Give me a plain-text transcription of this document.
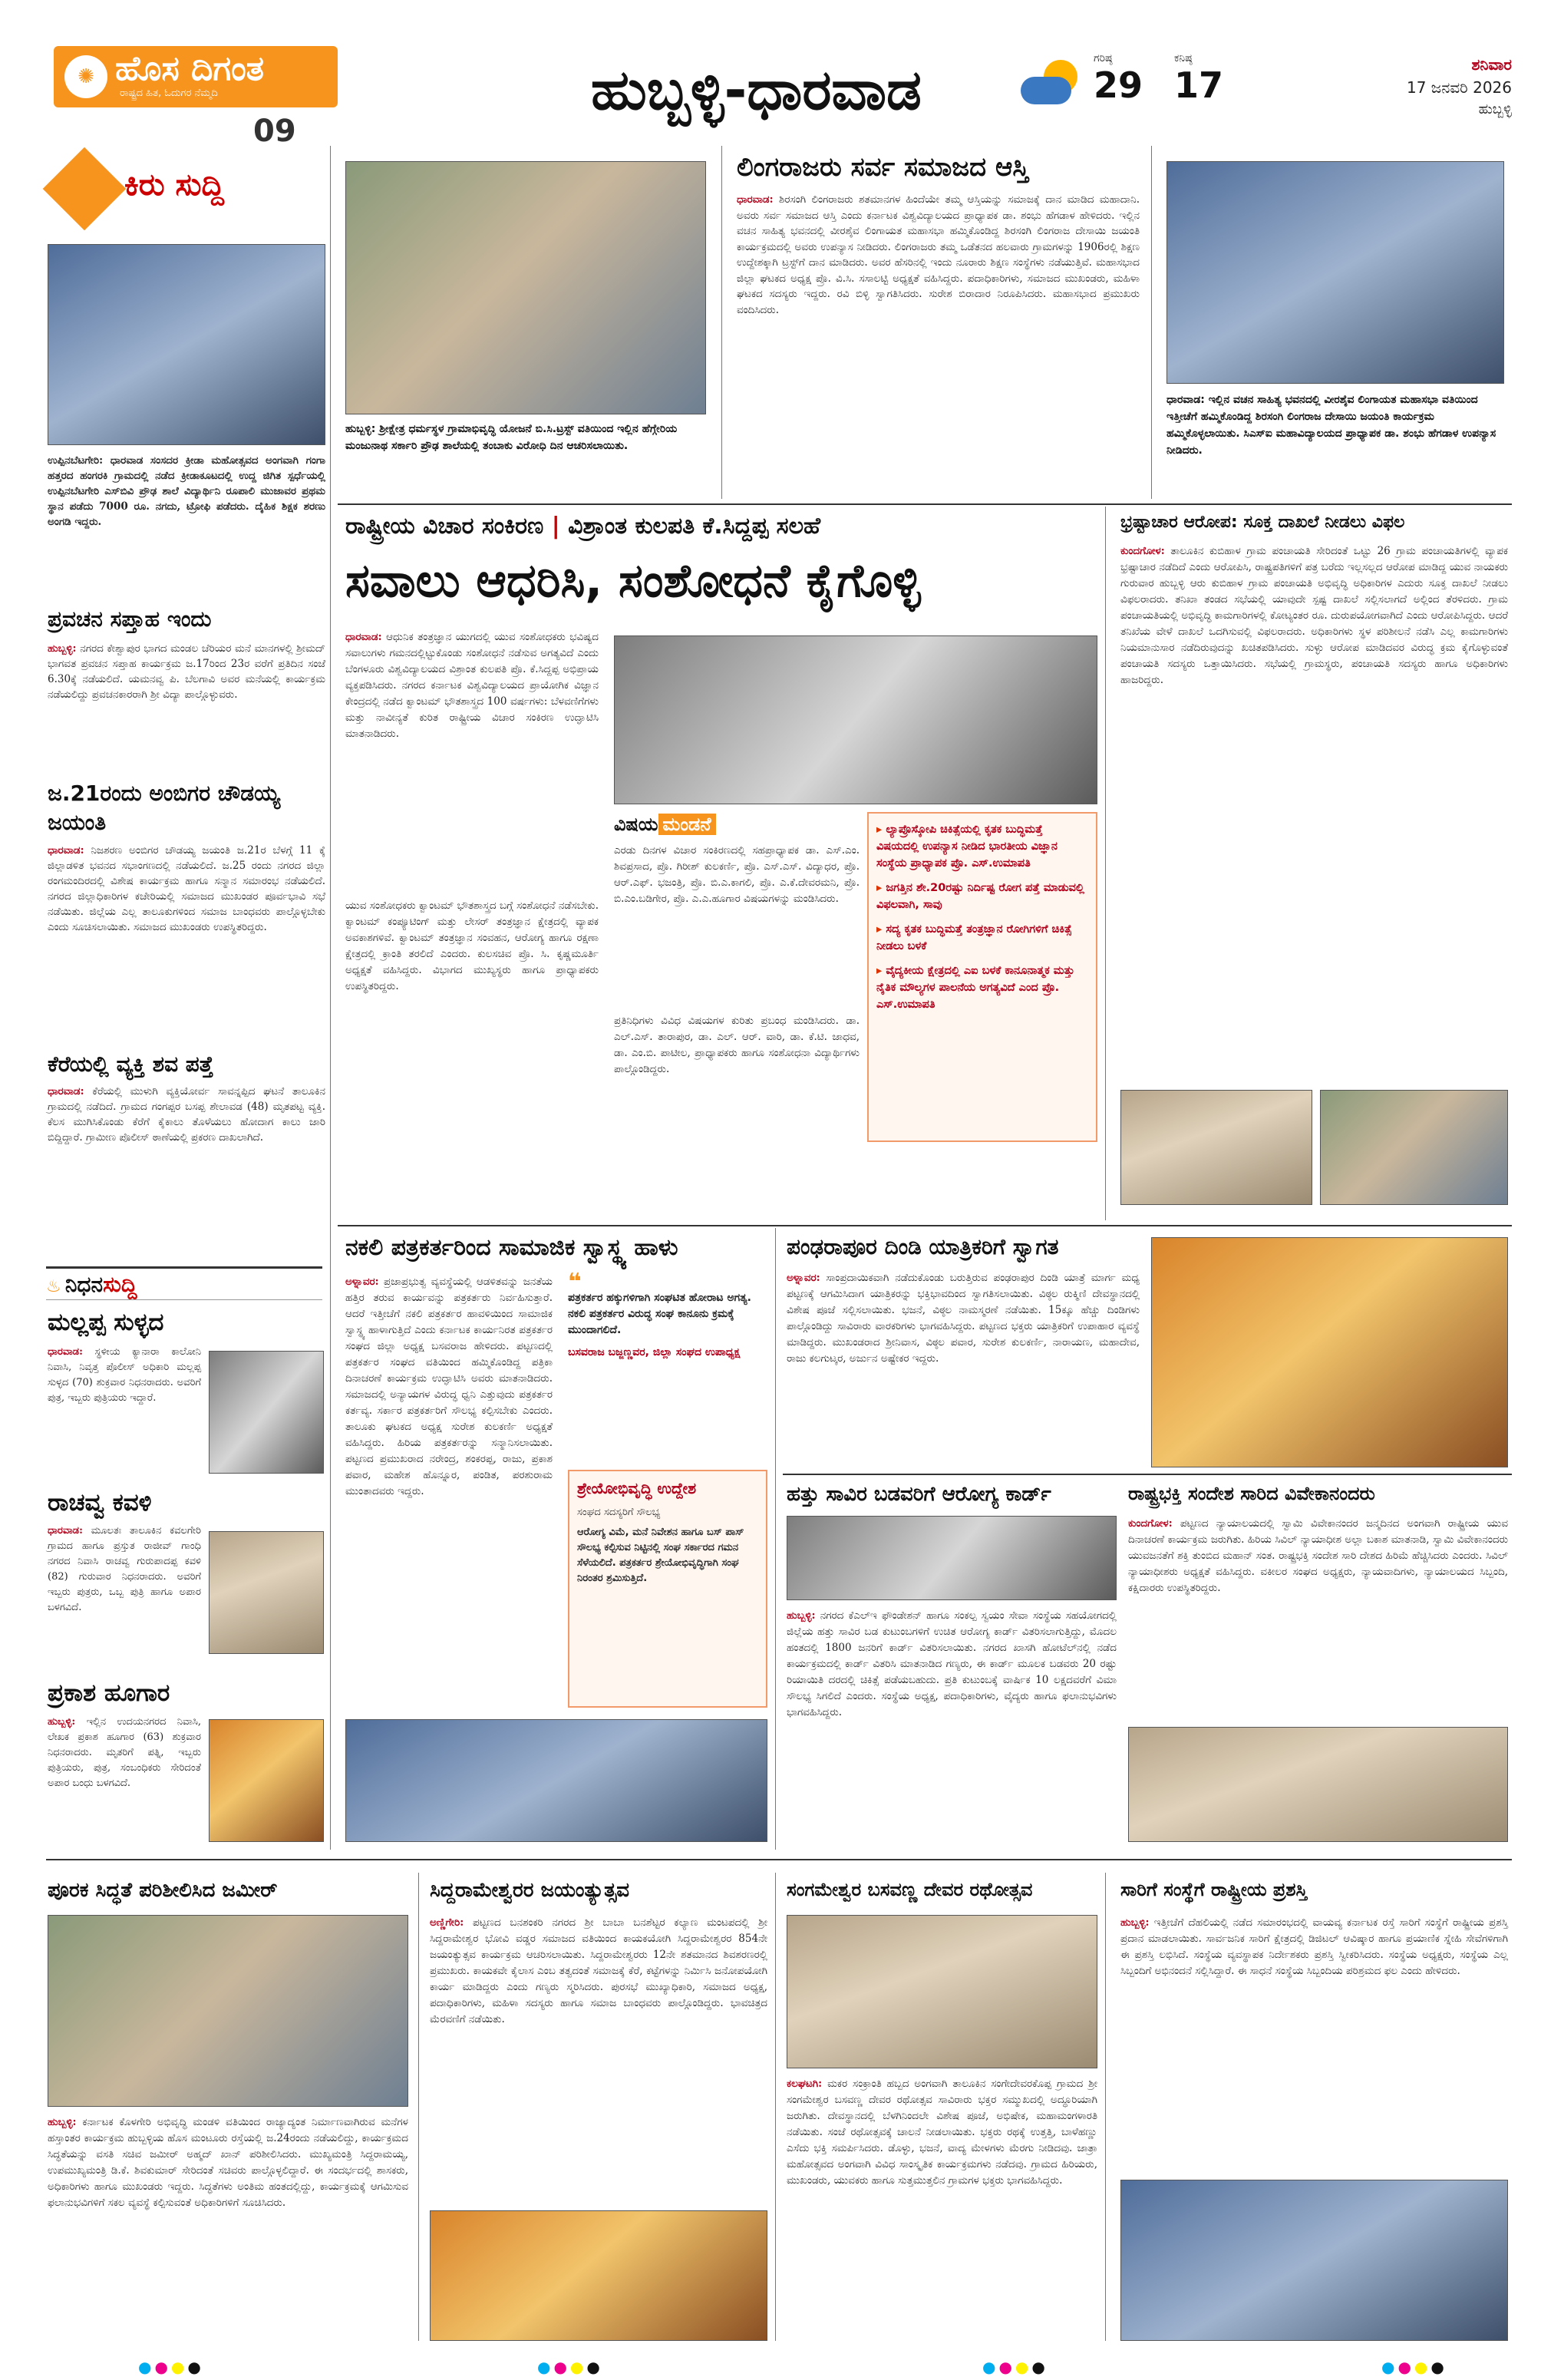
✺ ಹೊಸ ದಿಗಂತ
ರಾಷ್ಟ್ರದ ಹಿತ, ಓದುಗರ ನೆಮ್ಮದಿ
09
ಹುಬ್ಬಳ್ಳಿ-ಧಾರವಾಡ	ಗರಿಷ್ಠ
29
ಕನಿಷ್ಠ
17	ಶನಿವಾರ
17 ಜನವರಿ 2026
ಹುಬ್ಬಳ್ಳಿ
ಕಿರು ಸುದ್ದಿ
ಉಪ್ಪಿನಬೆಟಗೇರಿ: ಧಾರವಾಡ ಸಂಸದರ ಕ್ರೀಡಾ ಮಹೋತ್ಸವದ ಅಂಗವಾಗಿ ಗಂಗಾ ಹತ್ತರದ ಹಂಗರಕಿ ಗ್ರಾಮದಲ್ಲಿ ನಡೆದ ಕ್ರೀಡಾಕೂಟದಲ್ಲಿ ಉದ್ದ ಜಿಗಿತ ಸ್ಪರ್ಧೆಯಲ್ಲಿ ಉಪ್ಪಿನಬೆಟಗೇರಿ ಎಸ್‌ಬಿವಿ ಪ್ರೌಢ ಶಾಲೆ ವಿದ್ಯಾರ್ಥಿನಿ ರೂಪಾಲಿ ಮುಜಾವರ ಪ್ರಥಮ ಸ್ಥಾನ ಪಡೆದು 7000 ರೂ. ನಗದು, ಟ್ರೋಫಿ ಪಡೆದರು. ದೈಹಿಕ ಶಿಕ್ಷಕ ಶರಣು ಅಂಗಡಿ ಇದ್ದರು.
ಪ್ರವಚನ ಸಪ್ತಾಹ ಇಂದು
ಹುಬ್ಬಳ್ಳಿ: ನಗರದ ಕೇಶ್ವಾಪುರ ಭಾಗದ ಮಂಡಲ ಚೆರಿಯರ ಮನೆ ಮಾನಗಳಲ್ಲಿ ಶ್ರೀಮದ್ ಭಾಗವತ ಪ್ರವಚನ ಸಪ್ತಾಹ ಕಾರ್ಯಕ್ರಮ ಜ.17ರಿಂದ 23ರ ವರೆಗೆ ಪ್ರತಿದಿನ ಸಂಜೆ 6.30ಕ್ಕೆ ನಡೆಯಲಿದೆ. ಯಮನವ್ವ ಪಿ. ಬೆಲಗಾವಿ ಅವರ ಮನೆಯಲ್ಲಿ ಕಾರ್ಯಕ್ರಮ ನಡೆಯಲಿದ್ದು ಪ್ರವಚನಕಾರರಾಗಿ ಶ್ರೀ ವಿದ್ಯಾ ಪಾಲ್ಗೊಳ್ಳುವರು.
ಜ.21ರಂದು ಅಂಬಿಗರ ಚೌಡಯ್ಯ ಜಯಂತಿ
ಧಾರವಾಡ: ನಿಜಶರಣ ಅಂಬಿಗರ ಚೌಡಯ್ಯ ಜಯಂತಿ ಜ.21ರ ಬೆಳಗ್ಗೆ 11 ಕ್ಕೆ ಜಿಲ್ಲಾಡಳಿತ ಭವನದ ಸಭಾಂಗಣದಲ್ಲಿ ನಡೆಯಲಿದೆ. ಜ.25 ರಂದು ನಗರದ ಜಿಲ್ಲಾ ರಂಗಮಂದಿರದಲ್ಲಿ ವಿಶೇಷ ಕಾರ್ಯಕ್ರಮ ಹಾಗೂ ಸನ್ಮಾನ ಸಮಾರಂಭ ನಡೆಯಲಿದೆ. ನಗರದ ಜಿಲ್ಲಾಧಿಕಾರಿಗಳ ಕಚೇರಿಯಲ್ಲಿ ಸಮಾಜದ ಮುಖಂಡರ ಪೂರ್ವಭಾವಿ ಸಭೆ ನಡೆಯಿತು. ಜಿಲ್ಲೆಯ ಎಲ್ಲ ತಾಲೂಕುಗಳಿಂದ ಸಮಾಜ ಬಾಂಧವರು ಪಾಲ್ಗೊಳ್ಳಬೇಕು ಎಂದು ಸೂಚಿಸಲಾಯಿತು. ಸಮಾಜದ ಮುಖಂಡರು ಉಪಸ್ಥಿತರಿದ್ದರು.
ಕೆರೆಯಲ್ಲಿ ವ್ಯಕ್ತಿ ಶವ ಪತ್ತೆ
ಧಾರವಾಡ: ಕೆರೆಯಲ್ಲಿ ಮುಳುಗಿ ವ್ಯಕ್ತಿಯೋರ್ವ ಸಾವನ್ನಪ್ಪಿದ ಘಟನೆ ತಾಲೂಕಿನ ಗ್ರಾಮದಲ್ಲಿ ನಡೆದಿದೆ. ಗ್ರಾಮದ ಗಂಗಪ್ಪರ ಬಸಪ್ಪ ಶೇಲಾವಡ (48) ಮೃತಪಟ್ಟ ವ್ಯಕ್ತಿ. ಕೆಲಸ ಮುಗಿಸಿಕೊಂಡು ಕೆರೆಗೆ ಕೈಕಾಲು ತೊಳೆಯಲು ಹೋದಾಗ ಕಾಲು ಜಾರಿ ಬಿದ್ದಿದ್ದಾರೆ. ಗ್ರಾಮೀಣ ಪೊಲೀಸ್ ಠಾಣೆಯಲ್ಲಿ ಪ್ರಕರಣ ದಾಖಲಾಗಿದೆ.
♨ ನಿಧನಸುದ್ದಿ
ಮಲ್ಲಪ್ಪ ಸುಳ್ಳದ
ಧಾರವಾಡ: ಸ್ಥಳೀಯ ಕ್ಯಾನಾರಾ ಕಾಲೋನಿ ನಿವಾಸಿ, ನಿವೃತ್ತ ಪೊಲೀಸ್ ಅಧಿಕಾರಿ ಮಲ್ಲಪ್ಪ ಸುಳ್ಳದ (70) ಶುಕ್ರವಾರ ನಿಧನರಾದರು. ಅವರಿಗೆ ಪುತ್ರ, ಇಬ್ಬರು ಪುತ್ರಿಯರು ಇದ್ದಾರೆ.
ರಾಚವ್ವ ಕವಳಿ
ಧಾರವಾಡ: ಮೂಲತಃ ತಾಲೂಕಿನ ಕವಲಗೇರಿ ಗ್ರಾಮದ ಹಾಗೂ ಪ್ರಸ್ತುತ ರಾಜೀವ್ ಗಾಂಧಿ ನಗರದ ನಿವಾಸಿ ರಾಚವ್ವ ಗುರುಪಾದಪ್ಪ ಕವಳಿ (82) ಗುರುವಾರ ನಿಧನರಾದರು. ಅವರಿಗೆ ಇಬ್ಬರು ಪುತ್ರರು, ಒಬ್ಬ ಪುತ್ರಿ ಹಾಗೂ ಅಪಾರ ಬಳಗವಿದೆ.
ಪ್ರಕಾಶ ಹೂಗಾರ
ಹುಬ್ಬಳ್ಳಿ: ಇಲ್ಲಿನ ಉದಯನಗರದ ನಿವಾಸಿ, ಲೇಖಕ ಪ್ರಕಾಶ ಹೂಗಾರ (63) ಶುಕ್ರವಾರ ನಿಧನರಾದರು. ಮೃತರಿಗೆ ಪತ್ನಿ, ಇಬ್ಬರು ಪುತ್ರಿಯರು, ಪುತ್ರ, ಸಂಬಂಧಿಕರು ಸೇರಿದಂತೆ ಅಪಾರ ಬಂಧು ಬಳಗವಿದೆ.
ಹುಬ್ಬಳ್ಳಿ: ಶ್ರೀಕ್ಷೇತ್ರ ಧರ್ಮಸ್ಥಳ ಗ್ರಾಮಾಭಿವೃದ್ಧಿ ಯೋಜನೆ ಬಿ.ಸಿ.ಟ್ರಸ್ಟ್ ವತಿಯಿಂದ ಇಲ್ಲಿನ ಹೆಗ್ಗೇರಿಯ ಮಂಜುನಾಥ ಸರ್ಕಾರಿ ಪ್ರೌಢ ಶಾಲೆಯಲ್ಲಿ ತಂಬಾಕು ವಿರೋಧಿ ದಿನ ಆಚರಿಸಲಾಯಿತು.
ಲಿಂಗರಾಜರು ಸರ್ವ ಸಮಾಜದ ಆಸ್ತಿ
ಧಾರವಾಡ: ಶಿರಸಂಗಿ ಲಿಂಗರಾಜರು ಶತಮಾನಗಳ ಹಿಂದೆಯೇ ತಮ್ಮ ಆಸ್ತಿಯನ್ನು ಸಮಾಜಕ್ಕೆ ದಾನ ಮಾಡಿದ ಮಹಾದಾನಿ. ಅವರು ಸರ್ವ ಸಮಾಜದ ಆಸ್ತಿ ಎಂದು ಕರ್ನಾಟಕ ವಿಶ್ವವಿದ್ಯಾಲಯದ ಪ್ರಾಧ್ಯಾಪಕ ಡಾ. ಶಂಭು ಹೆಗಡಾಳ ಹೇಳಿದರು. ಇಲ್ಲಿನ ವಚನ ಸಾಹಿತ್ಯ ಭವನದಲ್ಲಿ ವೀರಶೈವ ಲಿಂಗಾಯತ ಮಹಾಸಭಾ ಹಮ್ಮಿಕೊಂಡಿದ್ದ ಶಿರಸಂಗಿ ಲಿಂಗರಾಜ ದೇಸಾಯಿ ಜಯಂತಿ ಕಾರ್ಯಕ್ರಮದಲ್ಲಿ ಅವರು ಉಪನ್ಯಾಸ ನೀಡಿದರು. ಲಿಂಗರಾಜರು ತಮ್ಮ ಒಡೆತನದ ಹಲವಾರು ಗ್ರಾಮಗಳನ್ನು 1906ರಲ್ಲಿ ಶಿಕ್ಷಣ ಉದ್ದೇಶಕ್ಕಾಗಿ ಟ್ರಸ್ಟ್‌ಗೆ ದಾನ ಮಾಡಿದರು. ಅವರ ಹೆಸರಿನಲ್ಲಿ ಇಂದು ನೂರಾರು ಶಿಕ್ಷಣ ಸಂಸ್ಥೆಗಳು ನಡೆಯುತ್ತಿವೆ. ಮಹಾಸಭಾದ ಜಿಲ್ಲಾ ಘಟಕದ ಅಧ್ಯಕ್ಷ ಪ್ರೊ. ವಿ.ಸಿ. ಸಸಾಲಟ್ಟಿ ಅಧ್ಯಕ್ಷತೆ ವಹಿಸಿದ್ದರು. ಪದಾಧಿಕಾರಿಗಳು, ಸಮಾಜದ ಮುಖಂಡರು, ಮಹಿಳಾ ಘಟಕದ ಸದಸ್ಯರು ಇದ್ದರು. ರವಿ ಬಿಳ್ಳಿ ಸ್ವಾಗತಿಸಿದರು. ಸುರೇಶ ಬಿರಾದಾರ ನಿರೂಪಿಸಿದರು. ಮಹಾಸಭಾದ ಪ್ರಮುಖರು ವಂದಿಸಿದರು.
ಧಾರವಾಡ: ಇಲ್ಲಿನ ವಚನ ಸಾಹಿತ್ಯ ಭವನದಲ್ಲಿ ವೀರಶೈವ ಲಿಂಗಾಯತ ಮಹಾಸಭಾ ವತಿಯಿಂದ ಇತ್ತೀಚೆಗೆ ಹಮ್ಮಿಕೊಂಡಿದ್ದ ಶಿರಸಂಗಿ ಲಿಂಗರಾಜ ದೇಸಾಯಿ ಜಯಂತಿ ಕಾರ್ಯಕ್ರಮ ಹಮ್ಮಿಕೊಳ್ಳಲಾಯಿತು. ಸಿಎಸ್‌ಐ ಮಹಾವಿದ್ಯಾಲಯದ ಪ್ರಾಧ್ಯಾಪಕ ಡಾ. ಶಂಭು ಹೆಗಡಾಳ ಉಪನ್ಯಾಸ ನೀಡಿದರು.
ರಾಷ್ಟ್ರೀಯ ವಿಚಾರ ಸಂಕಿರಣ | ವಿಶ್ರಾಂತ ಕುಲಪತಿ ಕೆ.ಸಿದ್ದಪ್ಪ ಸಲಹೆ
ಸವಾಲು ಆಧರಿಸಿ, ಸಂಶೋಧನೆ ಕೈಗೊಳ್ಳಿ
ಧಾರವಾಡ: ಆಧುನಿಕ ತಂತ್ರಜ್ಞಾನ ಯುಗದಲ್ಲಿ ಯುವ ಸಂಶೋಧಕರು ಭವಿಷ್ಯದ ಸವಾಲುಗಳು ಗಮನದಲ್ಲಿಟ್ಟುಕೊಂಡು ಸಂಶೋಧನೆ ನಡೆಸುವ ಅಗತ್ಯವಿದೆ ಎಂದು ಬೆಂಗಳೂರು ವಿಶ್ವವಿದ್ಯಾಲಯದ ವಿಶ್ರಾಂತ ಕುಲಪತಿ ಪ್ರೊ. ಕೆ.ಸಿದ್ದಪ್ಪ ಅಭಿಪ್ರಾಯ ವ್ಯಕ್ತಪಡಿಸಿದರು. ನಗರದ ಕರ್ನಾಟಕ ವಿಶ್ವವಿದ್ಯಾಲಯದ ಪ್ರಾಯೋಗಿಕ ವಿಜ್ಞಾನ ಕೇಂದ್ರದಲ್ಲಿ ನಡೆದ ಕ್ವಾಂಟಮ್ ಭೌತಶಾಸ್ತ್ರದ 100 ವರ್ಷಗಳು: ಬೆಳವಣಿಗೆಗಳು ಮತ್ತು ನಾವೀನ್ಯತೆ ಕುರಿತ ರಾಷ್ಟ್ರೀಯ ವಿಚಾರ ಸಂಕಿರಣ ಉದ್ಘಾಟಿಸಿ ಮಾತನಾಡಿದರು.
ಯುವ ಸಂಶೋಧಕರು ಕ್ವಾಂಟಮ್ ಭೌತಶಾಸ್ತ್ರದ ಬಗ್ಗೆ ಸಂಶೋಧನೆ ನಡೆಸಬೇಕು. ಕ್ವಾಂಟಮ್ ಕಂಪ್ಯೂಟಿಂಗ್ ಮತ್ತು ಲೇಸರ್ ತಂತ್ರಜ್ಞಾನ ಕ್ಷೇತ್ರದಲ್ಲಿ ವ್ಯಾಪಕ ಅವಕಾಶಗಳಿವೆ. ಕ್ವಾಂಟಮ್ ತಂತ್ರಜ್ಞಾನ ಸಂವಹನ, ಆರೋಗ್ಯ ಹಾಗೂ ರಕ್ಷಣಾ ಕ್ಷೇತ್ರದಲ್ಲಿ ಕ್ರಾಂತಿ ತರಲಿದೆ ಎಂದರು. ಕುಲಸಚಿವ ಪ್ರೊ. ಸಿ. ಕೃಷ್ಣಮೂರ್ತಿ ಅಧ್ಯಕ್ಷತೆ ವಹಿಸಿದ್ದರು. ವಿಭಾಗದ ಮುಖ್ಯಸ್ಥರು ಹಾಗೂ ಪ್ರಾಧ್ಯಾಪಕರು ಉಪಸ್ಥಿತರಿದ್ದರು.
ವಿಷಯ ಮಂಡನೆ
ಎರಡು ದಿನಗಳ ವಿಚಾರ ಸಂಕಿರಣದಲ್ಲಿ ಸಹಪ್ರಾಧ್ಯಾಪಕ ಡಾ. ಎಸ್.ಎಂ. ಶಿವಪ್ರಸಾದ, ಪ್ರೊ. ಗಿರೀಶ್ ಕುಲಕರ್ಣಿ, ಪ್ರೊ. ಎಸ್.ಎಸ್. ವಿದ್ಯಾಧರ, ಪ್ರೊ. ಆರ್.ಎಫ್. ಭಜಂತ್ರಿ, ಪ್ರೊ. ಬಿ.ಎ.ಕಾಗಲಿ, ಪ್ರೊ. ಎ.ಕೆ.ದೇವರಮನಿ, ಪ್ರೊ. ಬಿ.ಎಂ.ಬಡಿಗೇರ, ಪ್ರೊ. ಎ.ಎ.ಹೂಗಾರ ವಿಷಯಗಳನ್ನು ಮಂಡಿಸಿದರು.
ಪ್ರತಿನಿಧಿಗಳು ವಿವಿಧ ವಿಷಯಗಳ ಕುರಿತು ಪ್ರಬಂಧ ಮಂಡಿಸಿದರು. ಡಾ. ಎಲ್.ಎಸ್. ತಾರಾಪುರ, ಡಾ. ಎಲ್. ಆರ್. ವಾರಿ, ಡಾ. ಕೆ.ಟಿ. ಜಾಧವ, ಡಾ. ಎಂ.ಬಿ. ಪಾಟೀಲ, ಪ್ರಾಧ್ಯಾಪಕರು ಹಾಗೂ ಸಂಶೋಧನಾ ವಿದ್ಯಾರ್ಥಿಗಳು ಪಾಲ್ಗೊಂಡಿದ್ದರು.
▸ ಲ್ಯಾಪ್ರೊಸ್ಕೋಪಿ ಚಿಕಿತ್ಸೆಯಲ್ಲಿ ಕೃತಕ ಬುದ್ಧಿಮತ್ತೆ ವಿಷಯದಲ್ಲಿ ಉಪನ್ಯಾಸ ನೀಡಿದ ಭಾರತೀಯ ವಿಜ್ಞಾನ ಸಂಸ್ಥೆಯ ಪ್ರಾಧ್ಯಾಪಕ ಪ್ರೊ. ಎಸ್.ಉಮಾಪತಿ
▸ ಜಗತ್ತಿನ ಶೇ.20ರಷ್ಟು ನಿರ್ದಿಷ್ಟ ರೋಗ ಪತ್ತೆ ಮಾಡುವಲ್ಲಿ ವಿಫಲವಾಗಿ, ಸಾವು
▸ ಸದ್ಯ ಕೃತಕ ಬುದ್ಧಿಮತ್ತೆ ತಂತ್ರಜ್ಞಾನ ರೋಗಿಗಳಿಗೆ ಚಿಕಿತ್ಸೆ ನೀಡಲು ಬಳಕೆ
▸ ವೈದ್ಯಕೀಯ ಕ್ಷೇತ್ರದಲ್ಲಿ ಎಐ ಬಳಕೆ ಕಾನೂನಾತ್ಮಕ ಮತ್ತು ನೈತಿಕ ಮೌಲ್ಯಗಳ ಪಾಲನೆಯ ಅಗತ್ಯವಿದೆ ಎಂದ ಪ್ರೊ. ಎಸ್.ಉಮಾಪತಿ
ಭ್ರಷ್ಟಾಚಾರ ಆರೋಪ: ಸೂಕ್ತ ದಾಖಲೆ ನೀಡಲು ವಿಫಲ
ಕುಂದಗೋಳ: ತಾಲೂಕಿನ ಕುಬಿಹಾಳ ಗ್ರಾಮ ಪಂಚಾಯತಿ ಸೇರಿದಂತೆ ಒಟ್ಟು 26 ಗ್ರಾಮ ಪಂಚಾಯತಿಗಳಲ್ಲಿ ವ್ಯಾಪಕ ಭ್ರಷ್ಟಾಚಾರ ನಡೆದಿದೆ ಎಂದು ಆರೋಪಿಸಿ, ರಾಷ್ಟ್ರಪತಿಗಳಿಗೆ ಪತ್ರ ಬರೆದು ಇಲ್ಲಸಲ್ಲದ ಆರೋಪ ಮಾಡಿದ್ದ ಯುವ ನಾಯಕರು ಗುರುವಾರ ಹುಬ್ಬಳ್ಳಿ ಆರು ಕುಬಿಹಾಳ ಗ್ರಾಮ ಪಂಚಾಯತಿ ಅಭಿವೃದ್ಧಿ ಅಧಿಕಾರಿಗಳ ಎದುರು ಸೂಕ್ತ ದಾಖಲೆ ನೀಡಲು ವಿಫಲರಾದರು. ತನಿಖಾ ತಂಡದ ಸಭೆಯಲ್ಲಿ ಯಾವುದೇ ಸ್ಪಷ್ಟ ದಾಖಲೆ ಸಲ್ಲಿಸಲಾಗದೆ ಅಲ್ಲಿಂದ ತೆರಳಿದರು. ಗ್ರಾಮ ಪಂಚಾಯತಿಯಲ್ಲಿ ಅಭಿವೃದ್ಧಿ ಕಾಮಗಾರಿಗಳಲ್ಲಿ ಕೋಟ್ಯಂತರ ರೂ. ದುರುಪಯೋಗವಾಗಿದೆ ಎಂದು ಆರೋಪಿಸಿದ್ದರು. ಆದರೆ ತನಿಖೆಯ ವೇಳೆ ದಾಖಲೆ ಒದಗಿಸುವಲ್ಲಿ ವಿಫಲರಾದರು. ಅಧಿಕಾರಿಗಳು ಸ್ಥಳ ಪರಿಶೀಲನೆ ನಡೆಸಿ ಎಲ್ಲ ಕಾಮಗಾರಿಗಳು ನಿಯಮಾನುಸಾರ ನಡೆದಿರುವುದನ್ನು ಖಚಿತಪಡಿಸಿದರು. ಸುಳ್ಳು ಆರೋಪ ಮಾಡಿದವರ ವಿರುದ್ಧ ಕ್ರಮ ಕೈಗೊಳ್ಳುವಂತೆ ಪಂಚಾಯತಿ ಸದಸ್ಯರು ಒತ್ತಾಯಿಸಿದರು. ಸಭೆಯಲ್ಲಿ ಗ್ರಾಮಸ್ಥರು, ಪಂಚಾಯತಿ ಸದಸ್ಯರು ಹಾಗೂ ಅಧಿಕಾರಿಗಳು ಹಾಜರಿದ್ದರು.
ನಕಲಿ ಪತ್ರಕರ್ತರಿಂದ ಸಾಮಾಜಿಕ ಸ್ವಾಸ್ಥ್ಯ ಹಾಳು
ಅಳ್ನಾವರ: ಪ್ರಜಾಪ್ರಭುತ್ವ ವ್ಯವಸ್ಥೆಯಲ್ಲಿ ಆಡಳಿತವನ್ನು ಜನತೆಯ ಹತ್ತಿರ ತರುವ ಕಾರ್ಯವನ್ನು ಪತ್ರಕರ್ತರು ನಿರ್ವಹಿಸುತ್ತಾರೆ. ಆದರೆ ಇತ್ತೀಚೆಗೆ ನಕಲಿ ಪತ್ರಕರ್ತರ ಹಾವಳಿಯಿಂದ ಸಾಮಾಜಿಕ ಸ್ವಾಸ್ಥ್ಯ ಹಾಳಾಗುತ್ತಿದೆ ಎಂದು ಕರ್ನಾಟಕ ಕಾರ್ಯನಿರತ ಪತ್ರಕರ್ತರ ಸಂಘದ ಜಿಲ್ಲಾ ಅಧ್ಯಕ್ಷ ಬಸವರಾಜ ಹೇಳಿದರು. ಪಟ್ಟಣದಲ್ಲಿ ಪತ್ರಕರ್ತರ ಸಂಘದ ವತಿಯಿಂದ ಹಮ್ಮಿಕೊಂಡಿದ್ದ ಪತ್ರಿಕಾ ದಿನಾಚರಣೆ ಕಾರ್ಯಕ್ರಮ ಉದ್ಘಾಟಿಸಿ ಅವರು ಮಾತನಾಡಿದರು. ಸಮಾಜದಲ್ಲಿ ಅನ್ಯಾಯಗಳ ವಿರುದ್ಧ ಧ್ವನಿ ಎತ್ತುವುದು ಪತ್ರಕರ್ತರ ಕರ್ತವ್ಯ. ಸರ್ಕಾರ ಪತ್ರಕರ್ತರಿಗೆ ಸೌಲಭ್ಯ ಕಲ್ಪಿಸಬೇಕು ಎಂದರು. ತಾಲೂಕು ಘಟಕದ ಅಧ್ಯಕ್ಷ ಸುರೇಶ ಕುಲಕರ್ಣಿ ಅಧ್ಯಕ್ಷತೆ ವಹಿಸಿದ್ದರು. ಹಿರಿಯ ಪತ್ರಕರ್ತರನ್ನು ಸನ್ಮಾನಿಸಲಾಯಿತು. ಪಟ್ಟಣದ ಪ್ರಮುಖರಾದ ನರೇಂದ್ರ, ಶಂಕರಪ್ಪ, ರಾಜು, ಪ್ರಕಾಶ ಪವಾರ, ಮಹೇಶ ಹೊನ್ನೂರ, ಪಂಡಿತ, ಪರಶುರಾಮ ಮುಂತಾದವರು ಇದ್ದರು.
❝
ಪತ್ರಕರ್ತರ ಹಕ್ಕುಗಳಿಗಾಗಿ ಸಂಘಟಿತ ಹೋರಾಟ ಅಗತ್ಯ. ನಕಲಿ ಪತ್ರಕರ್ತರ ವಿರುದ್ಧ ಸಂಘ ಕಾನೂನು ಕ್ರಮಕ್ಕೆ ಮುಂದಾಗಲಿದೆ.
ಬಸವರಾಜ ಬಜ್ಜಣ್ಣವರ, ಜಿಲ್ಲಾ ಸಂಘದ ಉಪಾಧ್ಯಕ್ಷ
ಶ್ರೇಯೋಭಿವೃದ್ಧಿ ಉದ್ದೇಶ
ಸಂಘದ ಸದಸ್ಯರಿಗೆ ಸೌಲಭ್ಯ
ಆರೋಗ್ಯ ವಿಮೆ, ಮನೆ ನಿವೇಶನ ಹಾಗೂ ಬಸ್ ಪಾಸ್ ಸೌಲಭ್ಯ ಕಲ್ಪಿಸುವ ನಿಟ್ಟಿನಲ್ಲಿ ಸಂಘ ಸರ್ಕಾರದ ಗಮನ ಸೆಳೆಯಲಿದೆ. ಪತ್ರಕರ್ತರ ಶ್ರೇಯೋಭಿವೃದ್ಧಿಗಾಗಿ ಸಂಘ ನಿರಂತರ ಶ್ರಮಿಸುತ್ತಿದೆ.
ಪಂಢರಾಪೂರ ದಿಂಡಿ ಯಾತ್ರಿಕರಿಗೆ ಸ್ವಾಗತ
ಅಳ್ನಾವರ: ಸಾಂಪ್ರದಾಯಿಕವಾಗಿ ನಡೆದುಕೊಂಡು ಬರುತ್ತಿರುವ ಪಂಢರಾಪುರ ದಿಂಡಿ ಯಾತ್ರೆ ಮಾರ್ಗ ಮಧ್ಯ ಪಟ್ಟಣಕ್ಕೆ ಆಗಮಿಸಿದಾಗ ಯಾತ್ರಿಕರನ್ನು ಭಕ್ತಿಭಾವದಿಂದ ಸ್ವಾಗತಿಸಲಾಯಿತು. ವಿಠ್ಠಲ ರುಕ್ಮಿಣಿ ದೇವಸ್ಥಾನದಲ್ಲಿ ವಿಶೇಷ ಪೂಜೆ ಸಲ್ಲಿಸಲಾಯಿತು. ಭಜನೆ, ವಿಠ್ಠಲ ನಾಮಸ್ಮರಣೆ ನಡೆಯಿತು. 15ಕ್ಕೂ ಹೆಚ್ಚು ದಿಂಡಿಗಳು ಪಾಲ್ಗೊಂಡಿದ್ದು ಸಾವಿರಾರು ವಾರಕರಿಗಳು ಭಾಗವಹಿಸಿದ್ದರು. ಪಟ್ಟಣದ ಭಕ್ತರು ಯಾತ್ರಿಕರಿಗೆ ಉಪಾಹಾರ ವ್ಯವಸ್ಥೆ ಮಾಡಿದ್ದರು. ಮುಖಂಡರಾದ ಶ್ರೀನಿವಾಸ, ವಿಠ್ಠಲ ಪವಾರ, ಸುರೇಶ ಕುಲಕರ್ಣಿ, ನಾರಾಯಣ, ಮಹಾದೇವ, ರಾಜು ಕಲಗುಟ್ಕರ, ಅರ್ಜುನ ಅಷ್ಟೇಕರ ಇದ್ದರು.
ಹತ್ತು ಸಾವಿರ ಬಡವರಿಗೆ ಆರೋಗ್ಯ ಕಾರ್ಡ್
ಹುಬ್ಬಳ್ಳಿ: ನಗರದ ಕೆಎಲ್‌ಇ ಫೌಂಡೇಶನ್ ಹಾಗೂ ಸಂಕಲ್ಪ ಸ್ವಯಂ ಸೇವಾ ಸಂಸ್ಥೆಯ ಸಹಯೋಗದಲ್ಲಿ ಜಿಲ್ಲೆಯ ಹತ್ತು ಸಾವಿರ ಬಡ ಕುಟುಂಬಗಳಿಗೆ ಉಚಿತ ಆರೋಗ್ಯ ಕಾರ್ಡ್ ವಿತರಿಸಲಾಗುತ್ತಿದ್ದು, ಮೊದಲ ಹಂತದಲ್ಲಿ 1800 ಜನರಿಗೆ ಕಾರ್ಡ್ ವಿತರಿಸಲಾಯಿತು. ನಗರದ ಖಾಸಗಿ ಹೋಟೆಲ್‌ನಲ್ಲಿ ನಡೆದ ಕಾರ್ಯಕ್ರಮದಲ್ಲಿ ಕಾರ್ಡ್ ವಿತರಿಸಿ ಮಾತನಾಡಿದ ಗಣ್ಯರು, ಈ ಕಾರ್ಡ್ ಮೂಲಕ ಬಡವರು 20 ರಷ್ಟು ರಿಯಾಯಿತಿ ದರದಲ್ಲಿ ಚಿಕಿತ್ಸೆ ಪಡೆಯಬಹುದು. ಪ್ರತಿ ಕುಟುಂಬಕ್ಕೆ ವಾರ್ಷಿಕ 10 ಲಕ್ಷದವರೆಗೆ ವಿಮಾ ಸೌಲಭ್ಯ ಸಿಗಲಿದೆ ಎಂದರು. ಸಂಸ್ಥೆಯ ಅಧ್ಯಕ್ಷ, ಪದಾಧಿಕಾರಿಗಳು, ವೈದ್ಯರು ಹಾಗೂ ಫಲಾನುಭವಿಗಳು ಭಾಗವಹಿಸಿದ್ದರು.
ರಾಷ್ಟ್ರಭಕ್ತಿ ಸಂದೇಶ ಸಾರಿದ ವಿವೇಕಾನಂದರು
ಕುಂದಗೋಳ: ಪಟ್ಟಣದ ನ್ಯಾಯಾಲಯದಲ್ಲಿ ಸ್ವಾಮಿ ವಿವೇಕಾನಂದರ ಜನ್ಮದಿನದ ಅಂಗವಾಗಿ ರಾಷ್ಟ್ರೀಯ ಯುವ ದಿನಾಚರಣೆ ಕಾರ್ಯಕ್ರಮ ಜರುಗಿತು. ಹಿರಿಯ ಸಿವಿಲ್ ನ್ಯಾಯಾಧೀಶ ಅಲ್ಲಾ ಬಕಾಶ ಮಾತನಾಡಿ, ಸ್ವಾಮಿ ವಿವೇಕಾನಂದರು ಯುವಜನತೆಗೆ ಶಕ್ತಿ ತುಂಬಿದ ಮಹಾನ್ ಸಂತ. ರಾಷ್ಟ್ರಭಕ್ತಿ ಸಂದೇಶ ಸಾರಿ ದೇಶದ ಹಿರಿಮೆ ಹೆಚ್ಚಿಸಿದರು ಎಂದರು. ಸಿವಿಲ್ ನ್ಯಾಯಾಧೀಶರು ಅಧ್ಯಕ್ಷತೆ ವಹಿಸಿದ್ದರು. ವಕೀಲರ ಸಂಘದ ಅಧ್ಯಕ್ಷರು, ನ್ಯಾಯವಾದಿಗಳು, ನ್ಯಾಯಾಲಯದ ಸಿಬ್ಬಂದಿ, ಕಕ್ಷಿದಾರರು ಉಪಸ್ಥಿತರಿದ್ದರು.
ಪೂರಕ ಸಿದ್ಧತೆ ಪರಿಶೀಲಿಸಿದ ಜಮೀರ್
ಹುಬ್ಬಳ್ಳಿ: ಕರ್ನಾಟಕ ಕೊಳಗೇರಿ ಅಭಿವೃದ್ಧಿ ಮಂಡಳಿ ವತಿಯಿಂದ ರಾಜ್ಯಾದ್ಯಂತ ನಿರ್ಮಾಣವಾಗಿರುವ ಮನೆಗಳ ಹಸ್ತಾಂತರ ಕಾರ್ಯಕ್ರಮ ಹುಬ್ಬಳ್ಳಿಯ ಹೊಸ ಮಂಟೂರು ರಸ್ತೆಯಲ್ಲಿ ಜ.24ರಂದು ನಡೆಯಲಿದ್ದು, ಕಾರ್ಯಕ್ರಮದ ಸಿದ್ಧತೆಯನ್ನು ವಸತಿ ಸಚಿವ ಜಮೀರ್ ಅಹ್ಮದ್ ಖಾನ್ ಪರಿಶೀಲಿಸಿದರು. ಮುಖ್ಯಮಂತ್ರಿ ಸಿದ್ದರಾಮಯ್ಯ, ಉಪಮುಖ್ಯಮಂತ್ರಿ ಡಿ.ಕೆ. ಶಿವಕುಮಾರ್ ಸೇರಿದಂತೆ ಸಚಿವರು ಪಾಲ್ಗೊಳ್ಳಲಿದ್ದಾರೆ. ಈ ಸಂದರ್ಭದಲ್ಲಿ ಶಾಸಕರು, ಅಧಿಕಾರಿಗಳು ಹಾಗೂ ಮುಖಂಡರು ಇದ್ದರು. ಸಿದ್ಧತೆಗಳು ಅಂತಿಮ ಹಂತದಲ್ಲಿದ್ದು, ಕಾರ್ಯಕ್ರಮಕ್ಕೆ ಆಗಮಿಸುವ ಫಲಾನುಭವಿಗಳಿಗೆ ಸಕಲ ವ್ಯವಸ್ಥೆ ಕಲ್ಪಿಸುವಂತೆ ಅಧಿಕಾರಿಗಳಿಗೆ ಸೂಚಿಸಿದರು.
ಸಿದ್ದರಾಮೇಶ್ವರರ ಜಯಂತ್ಯುತ್ಸವ
ಅಣ್ಣಿಗೇರಿ: ಪಟ್ಟಣದ ಬನಶಂಕರಿ ನಗರದ ಶ್ರೀ ಬಾಬಾ ಬನಶೆಟ್ಟರ ಕಲ್ಯಾಣ ಮಂಟಪದಲ್ಲಿ ಶ್ರೀ ಸಿದ್ದರಾಮೇಶ್ವರ ಭೋವಿ ವಡ್ಡರ ಸಮಾಜದ ವತಿಯಿಂದ ಕಾಯಕಯೋಗಿ ಸಿದ್ದರಾಮೇಶ್ವರರ 854ನೇ ಜಯಂತ್ಯುತ್ಸವ ಕಾರ್ಯಕ್ರಮ ಆಚರಿಸಲಾಯಿತು. ಸಿದ್ದರಾಮೇಶ್ವರರು 12ನೇ ಶತಮಾನದ ಶಿವಶರಣರಲ್ಲಿ ಪ್ರಮುಖರು. ಕಾಯಕವೇ ಕೈಲಾಸ ಎಂಬ ತತ್ವದಂತೆ ಸಮಾಜಕ್ಕೆ ಕೆರೆ, ಕಟ್ಟೆಗಳನ್ನು ನಿರ್ಮಿಸಿ ಜನೋಪಯೋಗಿ ಕಾರ್ಯ ಮಾಡಿದ್ದರು ಎಂದು ಗಣ್ಯರು ಸ್ಮರಿಸಿದರು. ಪುರಸಭೆ ಮುಖ್ಯಾಧಿಕಾರಿ, ಸಮಾಜದ ಅಧ್ಯಕ್ಷ, ಪದಾಧಿಕಾರಿಗಳು, ಮಹಿಳಾ ಸದಸ್ಯರು ಹಾಗೂ ಸಮಾಜ ಬಾಂಧವರು ಪಾಲ್ಗೊಂಡಿದ್ದರು. ಭಾವಚಿತ್ರದ ಮೆರವಣಿಗೆ ನಡೆಯಿತು.
ಸಂಗಮೇಶ್ವರ ಬಸವಣ್ಣ ದೇವರ ರಥೋತ್ಸವ
ಕಲಘಟಗಿ: ಮಕರ ಸಂಕ್ರಾಂತಿ ಹಬ್ಬದ ಅಂಗವಾಗಿ ತಾಲೂಕಿನ ಸಂಗೇದೇವರಕೊಪ್ಪ ಗ್ರಾಮದ ಶ್ರೀ ಸಂಗಮೇಶ್ವರ ಬಸವಣ್ಣ ದೇವರ ರಥೋತ್ಸವ ಸಾವಿರಾರು ಭಕ್ತರ ಸಮ್ಮುಖದಲ್ಲಿ ಅದ್ಧೂರಿಯಾಗಿ ಜರುಗಿತು. ದೇವಸ್ಥಾನದಲ್ಲಿ ಬೆಳಗಿನಿಂದಲೇ ವಿಶೇಷ ಪೂಜೆ, ಅಭಿಷೇಕ, ಮಹಾಮಂಗಳಾರತಿ ನಡೆಯಿತು. ಸಂಜೆ ರಥೋತ್ಸವಕ್ಕೆ ಚಾಲನೆ ನೀಡಲಾಯಿತು. ಭಕ್ತರು ರಥಕ್ಕೆ ಉತ್ತತ್ತಿ, ಬಾಳೆಹಣ್ಣು ಎಸೆದು ಭಕ್ತಿ ಸಮರ್ಪಿಸಿದರು. ಡೊಳ್ಳು, ಭಜನೆ, ವಾದ್ಯ ಮೇಳಗಳು ಮೆರಗು ನೀಡಿದವು. ಜಾತ್ರಾ ಮಹೋತ್ಸವದ ಅಂಗವಾಗಿ ವಿವಿಧ ಸಾಂಸ್ಕೃತಿಕ ಕಾರ್ಯಕ್ರಮಗಳು ನಡೆದವು. ಗ್ರಾಮದ ಹಿರಿಯರು, ಮುಖಂಡರು, ಯುವಕರು ಹಾಗೂ ಸುತ್ತಮುತ್ತಲಿನ ಗ್ರಾಮಗಳ ಭಕ್ತರು ಭಾಗವಹಿಸಿದ್ದರು.
ಸಾರಿಗೆ ಸಂಸ್ಥೆಗೆ ರಾಷ್ಟ್ರೀಯ ಪ್ರಶಸ್ತಿ
ಹುಬ್ಬಳ್ಳಿ: ಇತ್ತೀಚೆಗೆ ದೆಹಲಿಯಲ್ಲಿ ನಡೆದ ಸಮಾರಂಭದಲ್ಲಿ ವಾಯವ್ಯ ಕರ್ನಾಟಕ ರಸ್ತೆ ಸಾರಿಗೆ ಸಂಸ್ಥೆಗೆ ರಾಷ್ಟ್ರೀಯ ಪ್ರಶಸ್ತಿ ಪ್ರದಾನ ಮಾಡಲಾಯಿತು. ಸಾರ್ವಜನಿಕ ಸಾರಿಗೆ ಕ್ಷೇತ್ರದಲ್ಲಿ ಡಿಜಿಟಲ್ ಆವಿಷ್ಕಾರ ಹಾಗೂ ಪ್ರಯಾಣಿಕ ಸ್ನೇಹಿ ಸೇವೆಗಳಿಗಾಗಿ ಈ ಪ್ರಶಸ್ತಿ ಲಭಿಸಿದೆ. ಸಂಸ್ಥೆಯ ವ್ಯವಸ್ಥಾಪಕ ನಿರ್ದೇಶಕರು ಪ್ರಶಸ್ತಿ ಸ್ವೀಕರಿಸಿದರು. ಸಂಸ್ಥೆಯ ಅಧ್ಯಕ್ಷರು, ಸಂಸ್ಥೆಯ ಎಲ್ಲ ಸಿಬ್ಬಂದಿಗೆ ಅಭಿನಂದನೆ ಸಲ್ಲಿಸಿದ್ದಾರೆ. ಈ ಸಾಧನೆ ಸಂಸ್ಥೆಯ ಸಿಬ್ಬಂದಿಯ ಪರಿಶ್ರಮದ ಫಲ ಎಂದು ಹೇಳಿದರು.
●●●●	●●●●	●●●●	●●●●
